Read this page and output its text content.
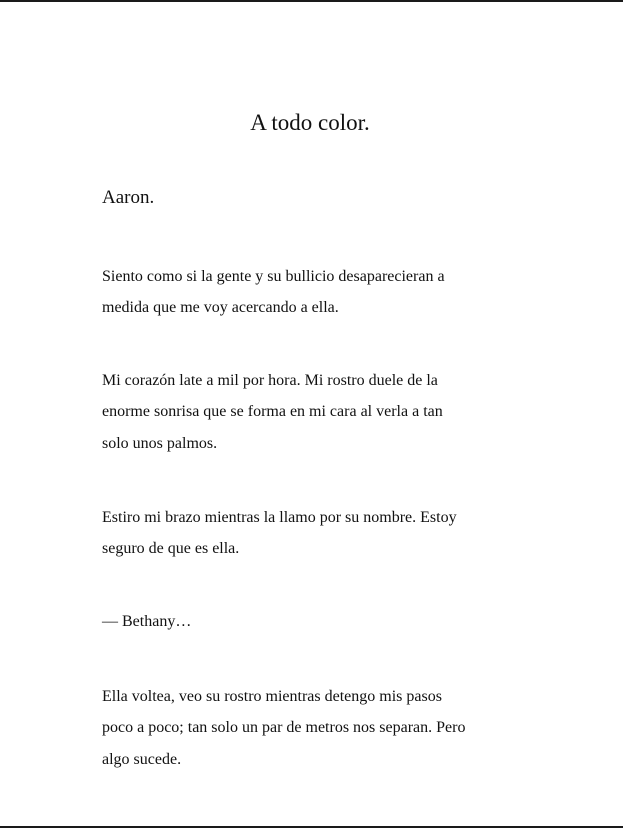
A todo color.
Aaron.
Siento como si la gente y su bullicio desaparecieran a
medida que me voy acercando a ella.
Mi corazón late a mil por hora. Mi rostro duele de la
enorme sonrisa que se forma en mi cara al verla a tan
solo unos palmos.
Estiro mi brazo mientras la llamo por su nombre. Estoy
seguro de que es ella.
— Bethany…
Ella voltea, veo su rostro mientras detengo mis pasos
poco a poco; tan solo un par de metros nos separan. Pero
algo sucede.
